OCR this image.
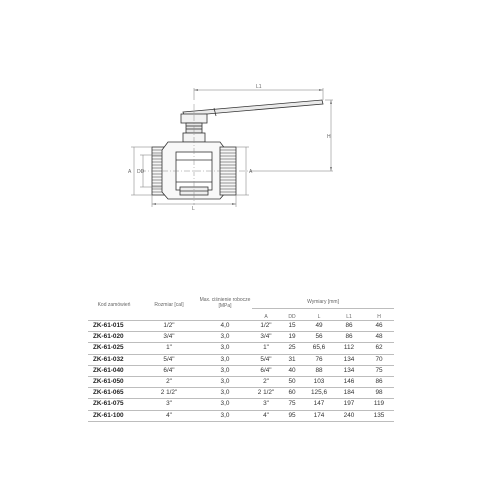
L1
H
A DD	A
L
Kod zamówień	Rozmiar [cal]	Max. ciśnienie robocze [MPa]	Wymiary [mm]				
			A	DD	L	L1	H
ZK-61-015	1/2"	4,0	1/2"	15	49	86	46
ZK-61-020	3/4"	3,0	3/4"	19	56	86	48
ZK-61-025	1"	3,0	1"	25	65,6	112	62
ZK-61-032	5/4"	3,0	5/4"	31	76	134	70
ZK-61-040	6/4"	3,0	6/4"	40	88	134	75
ZK-61-050	2"	3,0	2"	50	103	146	86
ZK-61-065	2 1/2"	3,0	2 1/2"	60	125,6	184	98
ZK-61-075	3"	3,0	3"	75	147	197	119
ZK-61-100	4"	3,0	4"	95	174	240	135
